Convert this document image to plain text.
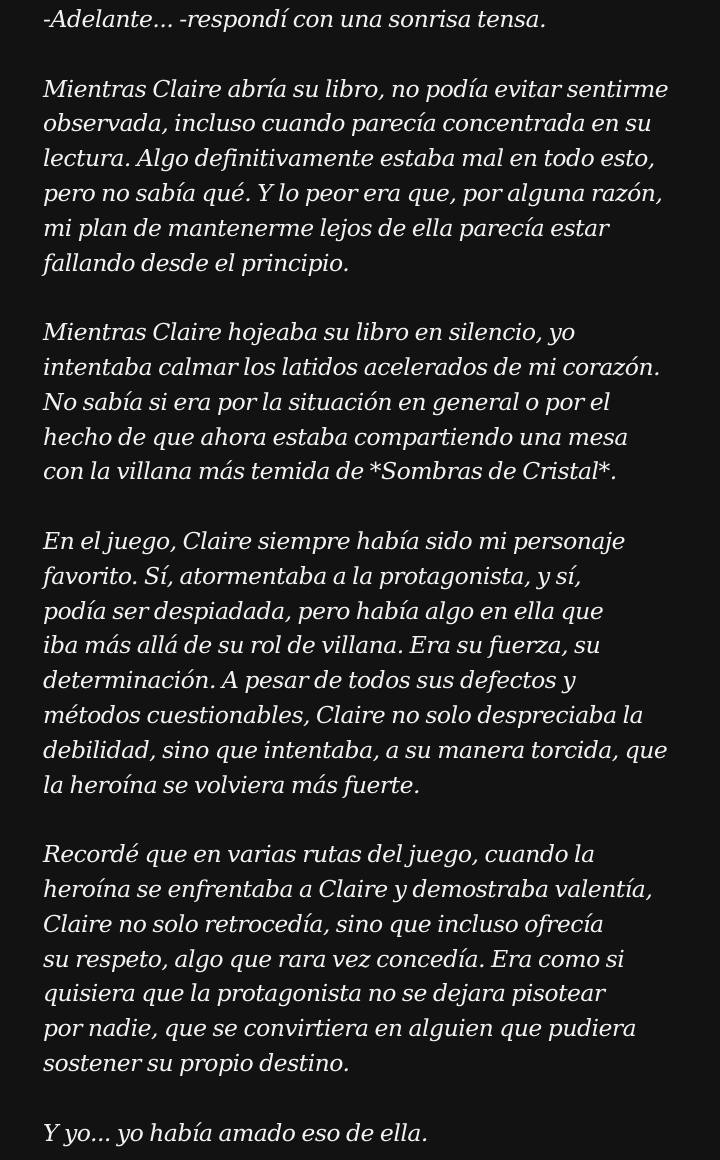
-Adelante... -respondí con una sonrisa tensa.

Mientras Claire abría su libro, no podía evitar sentirme
observada, incluso cuando parecía concentrada en su
lectura. Algo definitivamente estaba mal en todo esto,
pero no sabía qué. Y lo peor era que, por alguna razón,
mi plan de mantenerme lejos de ella parecía estar
fallando desde el principio.

Mientras Claire hojeaba su libro en silencio, yo
intentaba calmar los latidos acelerados de mi corazón.
No sabía si era por la situación en general o por el
hecho de que ahora estaba compartiendo una mesa
con la villana más temida de *Sombras de Cristal*.

En el juego, Claire siempre había sido mi personaje
favorito. Sí, atormentaba a la protagonista, y sí,
podía ser despiadada, pero había algo en ella que
iba más allá de su rol de villana. Era su fuerza, su
determinación. A pesar de todos sus defectos y
métodos cuestionables, Claire no solo despreciaba la
debilidad, sino que intentaba, a su manera torcida, que
la heroína se volviera más fuerte.

Recordé que en varias rutas del juego, cuando la
heroína se enfrentaba a Claire y demostraba valentía,
Claire no solo retrocedía, sino que incluso ofrecía
su respeto, algo que rara vez concedía. Era como si
quisiera que la protagonista no se dejara pisotear
por nadie, que se convirtiera en alguien que pudiera
sostener su propio destino.

Y yo... yo había amado eso de ella.
